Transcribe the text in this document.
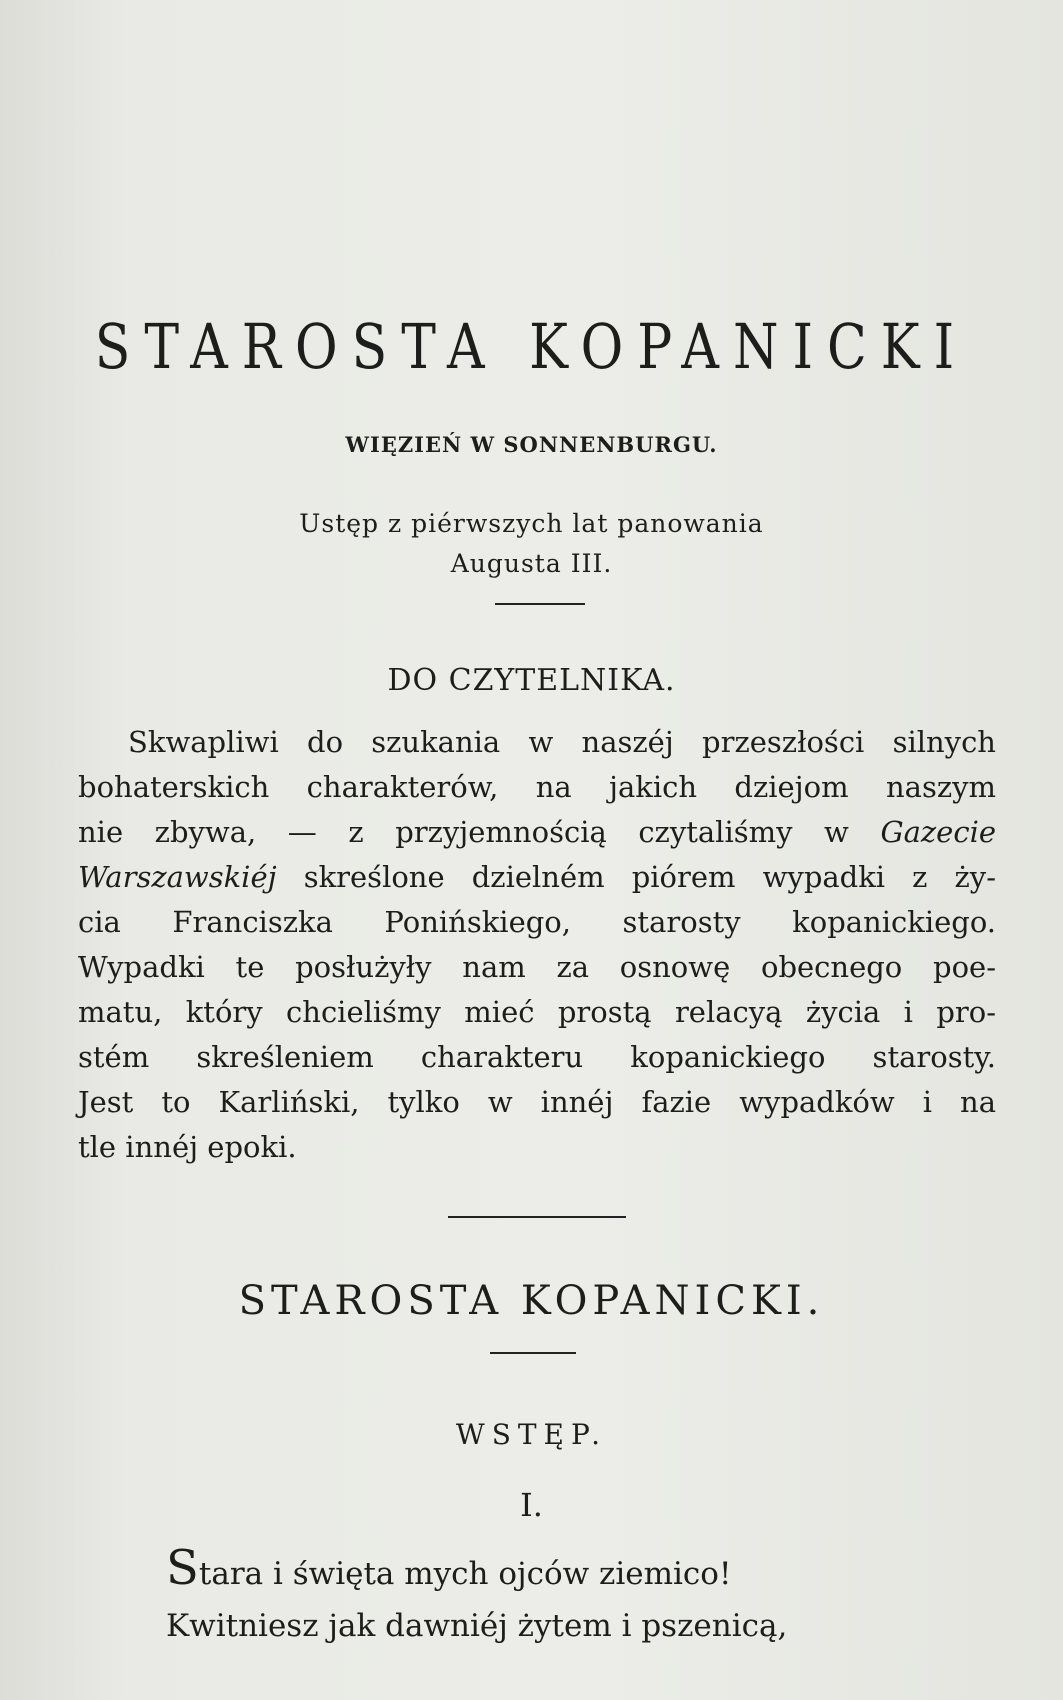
STAROSTA KOPANICKI
WIĘZIEŃ W SONNENBURGU.
Ustęp z piérwszych lat panowania
Augusta III.
DO CZYTELNIKA.
Skwapliwi do szukania w naszéj przeszłości silnych
bohaterskich charakterów, na jakich dziejom naszym
nie zbywa, — z przyjemnością czytaliśmy w Gazecie
Warszawskiéj skreślone dzielném piórem wypadki z ży-
cia Franciszka Ponińskiego, starosty kopanickiego.
Wypadki te posłużyły nam za osnowę obecnego poe-
matu, który chcieliśmy mieć prostą relacyą życia i pro-
stém skreśleniem charakteru kopanickiego starosty.
Jest to Karliński, tylko w innéj fazie wypadków i na
tle innéj epoki.
STAROSTA KOPANICKI.
WSTĘP.
I.
Stara i święta mych ojców ziemico!
Kwitniesz jak dawniéj żytem i pszenicą,
